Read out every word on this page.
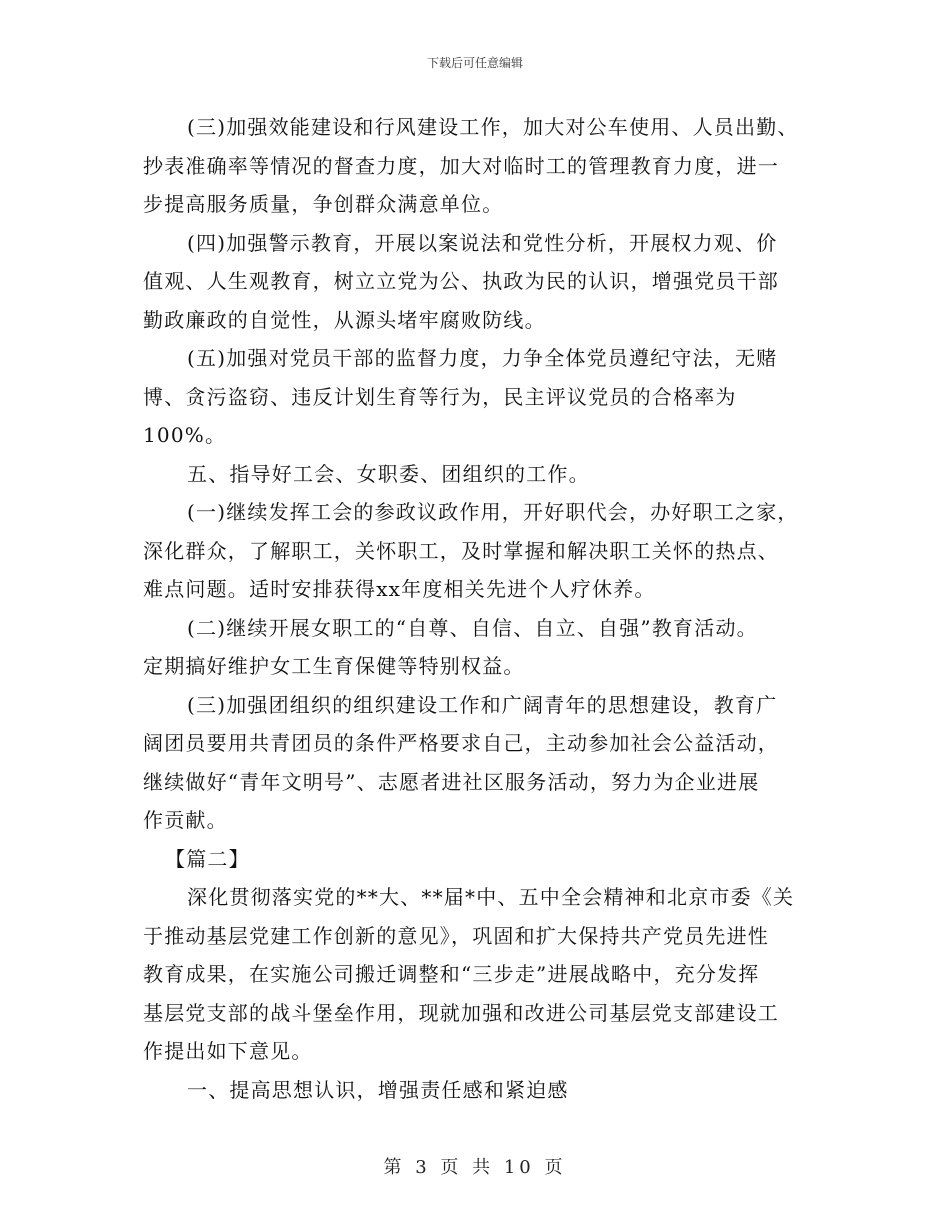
下载后可任意编辑
(三)加强效能建设和行风建设工作，加大对公车使用、人员出勤、
抄表准确率等情况的督查力度，加大对临时工的管理教育力度，进一
步提高服务质量，争创群众满意单位。
(四)加强警示教育，开展以案说法和党性分析，开展权力观、价
值观、人生观教育，树立立党为公、执政为民的认识，增强党员干部
勤政廉政的自觉性，从源头堵牢腐败防线。
(五)加强对党员干部的监督力度，力争全体党员遵纪守法，无赌
博、贪污盗窃、违反计划生育等行为，民主评议党员的合格率为
100%。
五、指导好工会、女职委、团组织的工作。
(一)继续发挥工会的参政议政作用，开好职代会，办好职工之家，
深化群众，了解职工，关怀职工，及时掌握和解决职工关怀的热点、
难点问题。适时安排获得xx年度相关先进个人疗休养。
(二)继续开展女职工的“自尊、自信、自立、自强”教育活动。
定期搞好维护女工生育保健等特别权益。
(三)加强团组织的组织建设工作和广阔青年的思想建设，教育广
阔团员要用共青团员的条件严格要求自己，主动参加社会公益活动，
继续做好“青年文明号”、志愿者进社区服务活动，努力为企业进展
作贡献。
【篇二】
深化贯彻落实党的**大、**届*中、五中全会精神和北京市委《关
于推动基层党建工作创新的意见》，巩固和扩大保持共产党员先进性
教育成果，在实施公司搬迁调整和“三步走”进展战略中，充分发挥
基层党支部的战斗堡垒作用，现就加强和改进公司基层党支部建设工
作提出如下意见。
一、提高思想认识，增强责任感和紧迫感
第 3 页 共 10 页
